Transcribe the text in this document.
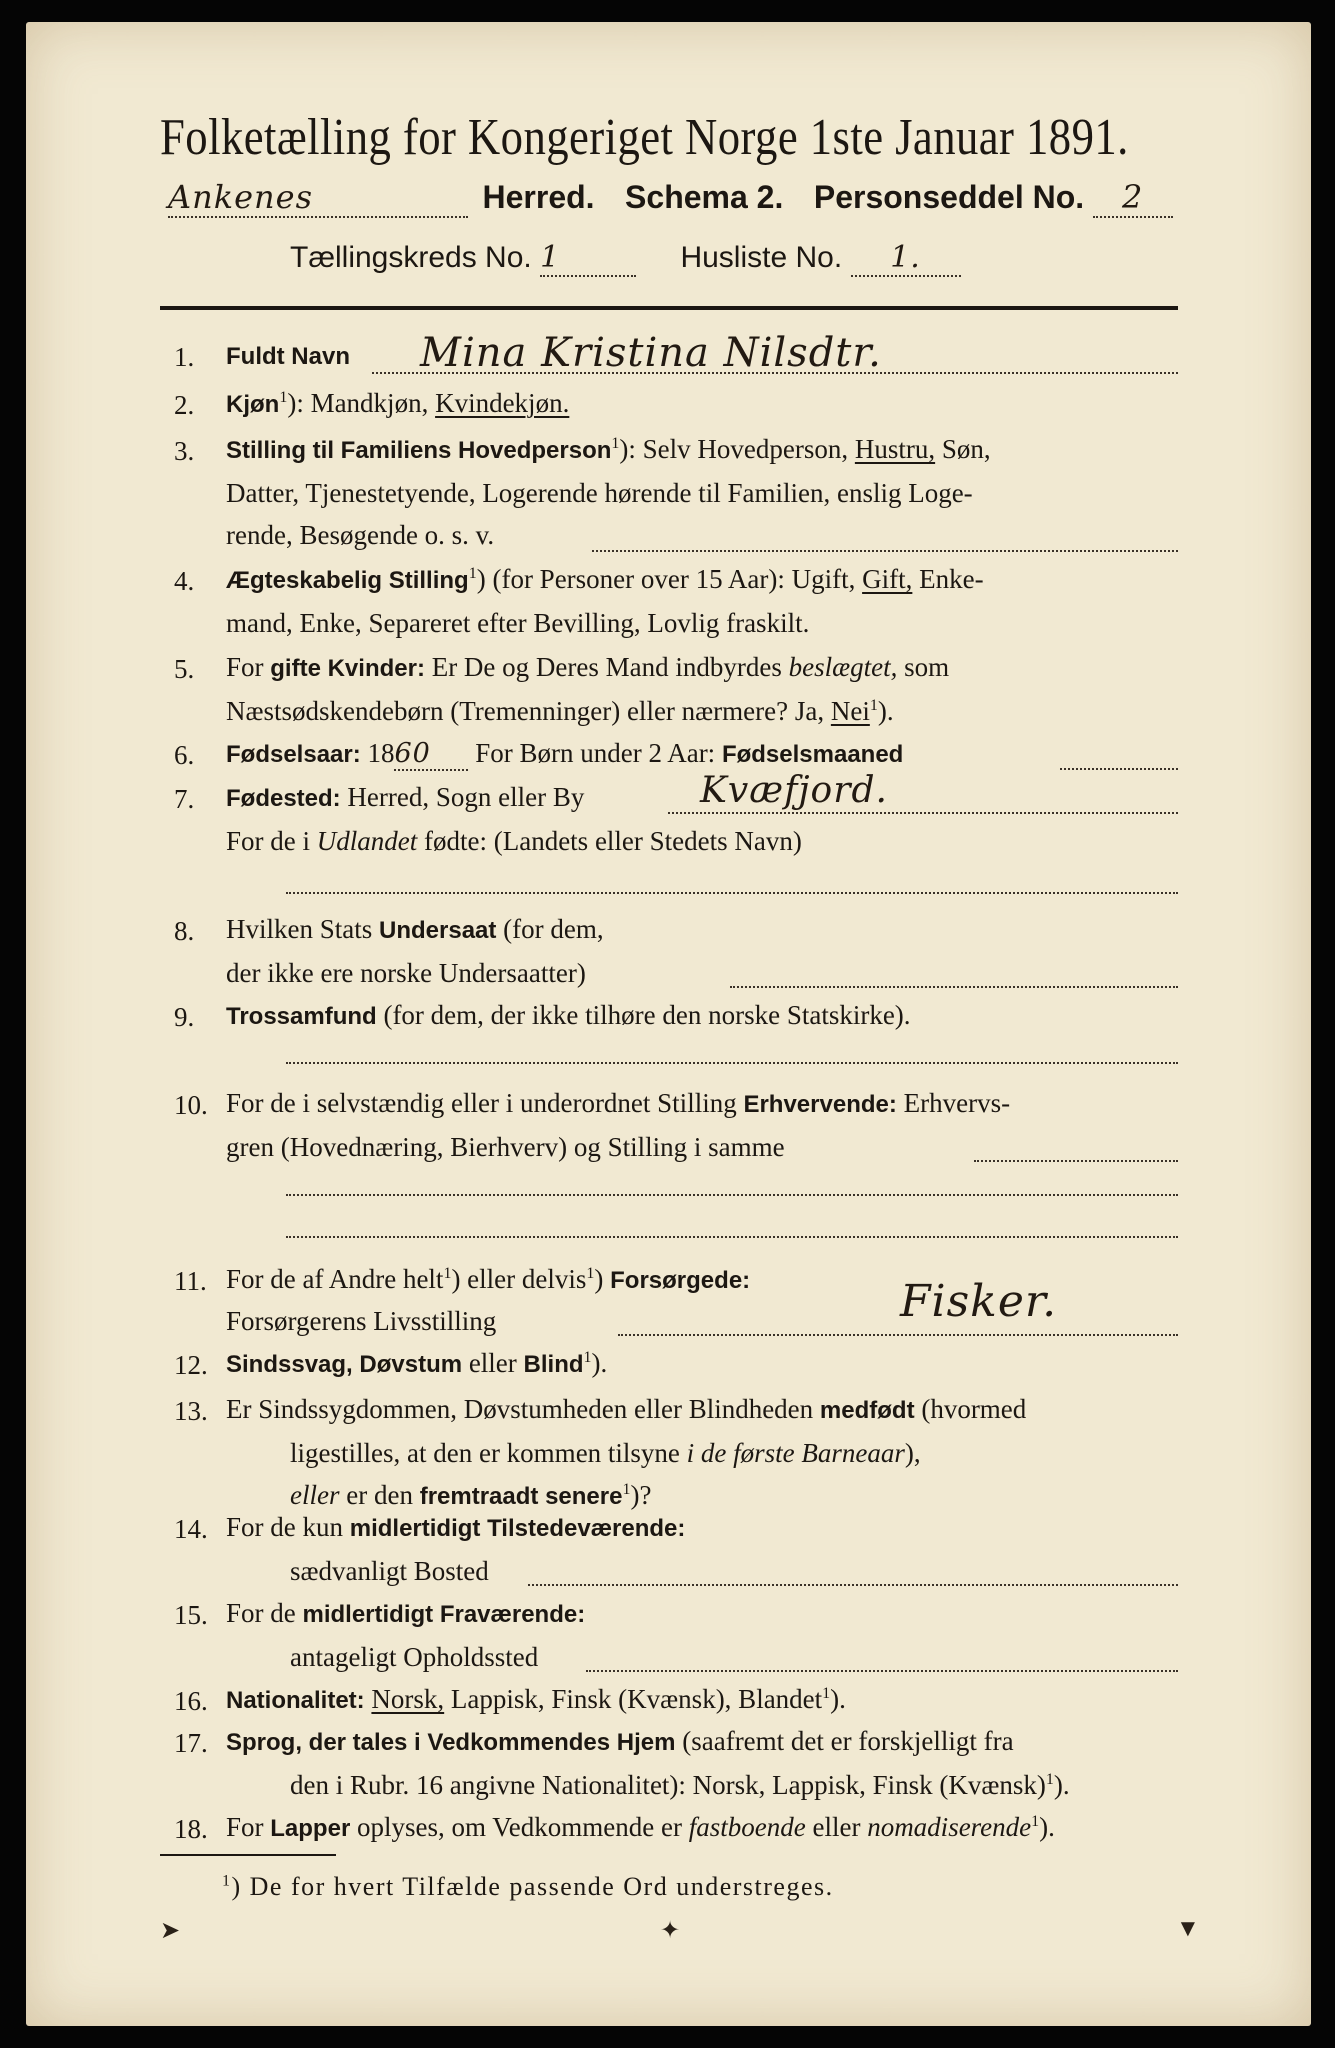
Folketælling for Kongeriget Norge 1ste Januar 1891.
Ankenes	Herred. Schema 2. Personseddel No. 2
Tællingskreds No. 1	Husliste No. 1.
1. Fuldt Navn Mina Kristina Nilsdtr.
2. Kjøn$^1$): Mandkjøn, Kvindekjøn.
3. Stilling til Familiens Hovedperson$^1$): Selv Hovedperson, Hustru, Søn,
Datter, Tjenestetyende, Logerende hørende til Familien, enslig Loge-
rende, Besøgende o. s. v.
4. Ægteskabelig Stilling$^1$) (for Personer over 15 Aar): Ugift, Gift, Enke-
mand, Enke, Separeret efter Bevilling, Lovlig fraskilt.
5. For gifte Kvinder: Er De og Deres Mand indbyrdes beslægtet, som
Næstsødskendebørn (Tremenninger) eller nærmere? Ja, Nei$^1$).
6. Fødselsaar: 1860 For Børn under 2 Aar: Fødselsmaaned
7. Fødested: Herred, Sogn eller By	Kvæfjord.
For de i Udlandet fødte: (Landets eller Stedets Navn)
8. Hvilken Stats Undersaat (for dem,
der ikke ere norske Undersaatter)
9. Trossamfund (for dem, der ikke tilhøre den norske Statskirke).
10. For de i selvstændig eller i underordnet Stilling Erhvervende: Erhvervs-
gren (Hovednæring, Bierhverv) og Stilling i samme
11. For de af Andre helt$^1$) eller delvis$^1$) Forsørgede:
Forsørgerens Livsstilling	Fisker.
12. Sindssvag, Døvstum eller Blind$^1$).
13. Er Sindssygdommen, Døvstumheden eller Blindheden medfødt (hvormed
ligestilles, at den er kommen tilsyne i de første Barneaar),
eller er den fremtraadt senere$^1$)?
14. For de kun midlertidigt Tilstedeværende:
sædvanligt Bosted
15. For de midlertidigt Fraværende:
antageligt Opholdssted
16. Nationalitet: Norsk, Lappisk, Finsk (Kvænsk), Blandet$^1$).
17. Sprog, der tales i Vedkommendes Hjem (saafremt det er forskjelligt fra
den i Rubr. 16 angivne Nationalitet): Norsk, Lappisk, Finsk (Kvænsk)$^1$).
18. For Lapper oplyses, om Vedkommende er fastboende eller nomadiserende$^1$).
$^1$) De for hvert Tilfælde passende Ord understreges.
➤	✦	▼
